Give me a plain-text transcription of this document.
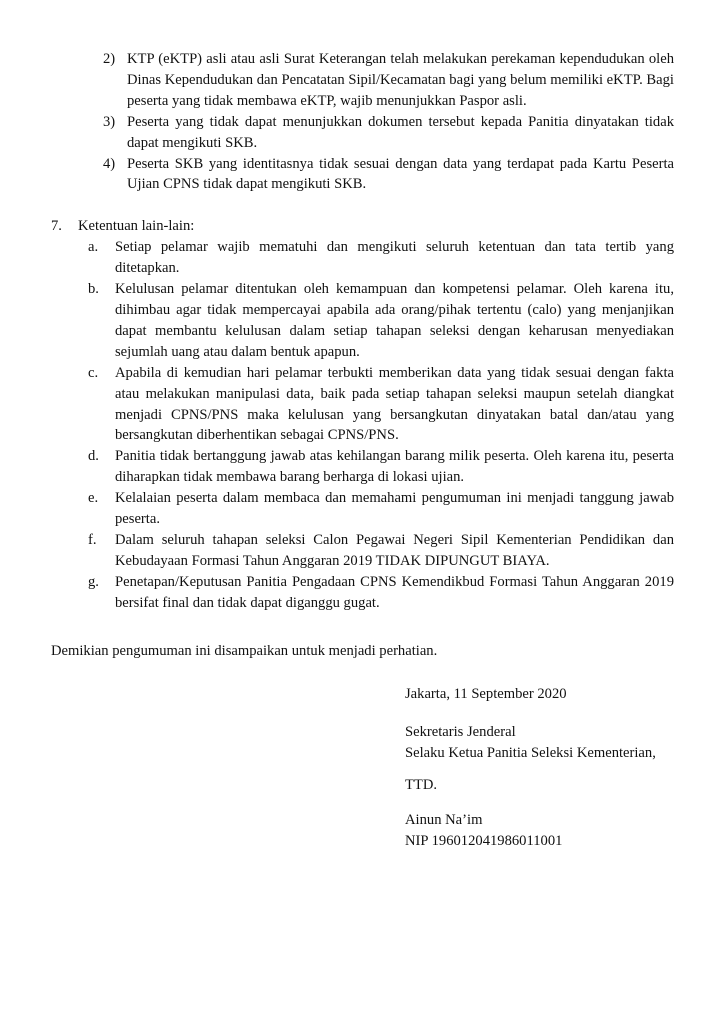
2) KTP (eKTP) asli atau asli Surat Keterangan telah melakukan perekaman kependudukan oleh Dinas Kependudukan dan Pencatatan Sipil/Kecamatan bagi yang belum memiliki eKTP. Bagi peserta yang tidak membawa eKTP, wajib menunjukkan Paspor asli.
3) Peserta yang tidak dapat menunjukkan dokumen tersebut kepada Panitia dinyatakan tidak dapat mengikuti SKB.
4) Peserta SKB yang identitasnya tidak sesuai dengan data yang terdapat pada Kartu Peserta Ujian CPNS tidak dapat mengikuti SKB.
7.	Ketentuan lain-lain:
a.	Setiap pelamar wajib mematuhi dan mengikuti seluruh ketentuan dan tata tertib yang ditetapkan.
b.	Kelulusan pelamar ditentukan oleh kemampuan dan kompetensi pelamar. Oleh karena itu, dihimbau agar tidak mempercayai apabila ada orang/pihak tertentu (calo) yang menjanjikan dapat membantu kelulusan dalam setiap tahapan seleksi dengan keharusan menyediakan sejumlah uang atau dalam bentuk apapun.
c.	Apabila di kemudian hari pelamar terbukti memberikan data yang tidak sesuai dengan fakta atau melakukan manipulasi data, baik pada setiap tahapan seleksi maupun setelah diangkat menjadi CPNS/PNS maka kelulusan yang bersangkutan dinyatakan batal dan/atau yang bersangkutan diberhentikan sebagai CPNS/PNS.
d.	Panitia tidak bertanggung jawab atas kehilangan barang milik peserta. Oleh karena itu, peserta diharapkan tidak membawa barang berharga di lokasi ujian.
e.	Kelalaian peserta dalam membaca dan memahami pengumuman ini menjadi tanggung jawab peserta.
f.	Dalam seluruh tahapan seleksi Calon Pegawai Negeri Sipil Kementerian Pendidikan dan Kebudayaan Formasi Tahun Anggaran 2019 TIDAK DIPUNGUT BIAYA.
g.	Penetapan/Keputusan Panitia Pengadaan CPNS Kemendikbud Formasi Tahun Anggaran 2019 bersifat final dan tidak dapat diganggu gugat.
Demikian pengumuman ini disampaikan untuk menjadi perhatian.
Jakarta, 11 September 2020
Sekretaris Jenderal
Selaku Ketua Panitia Seleksi Kementerian,
TTD.
Ainun Na’im
NIP 196012041986011001
